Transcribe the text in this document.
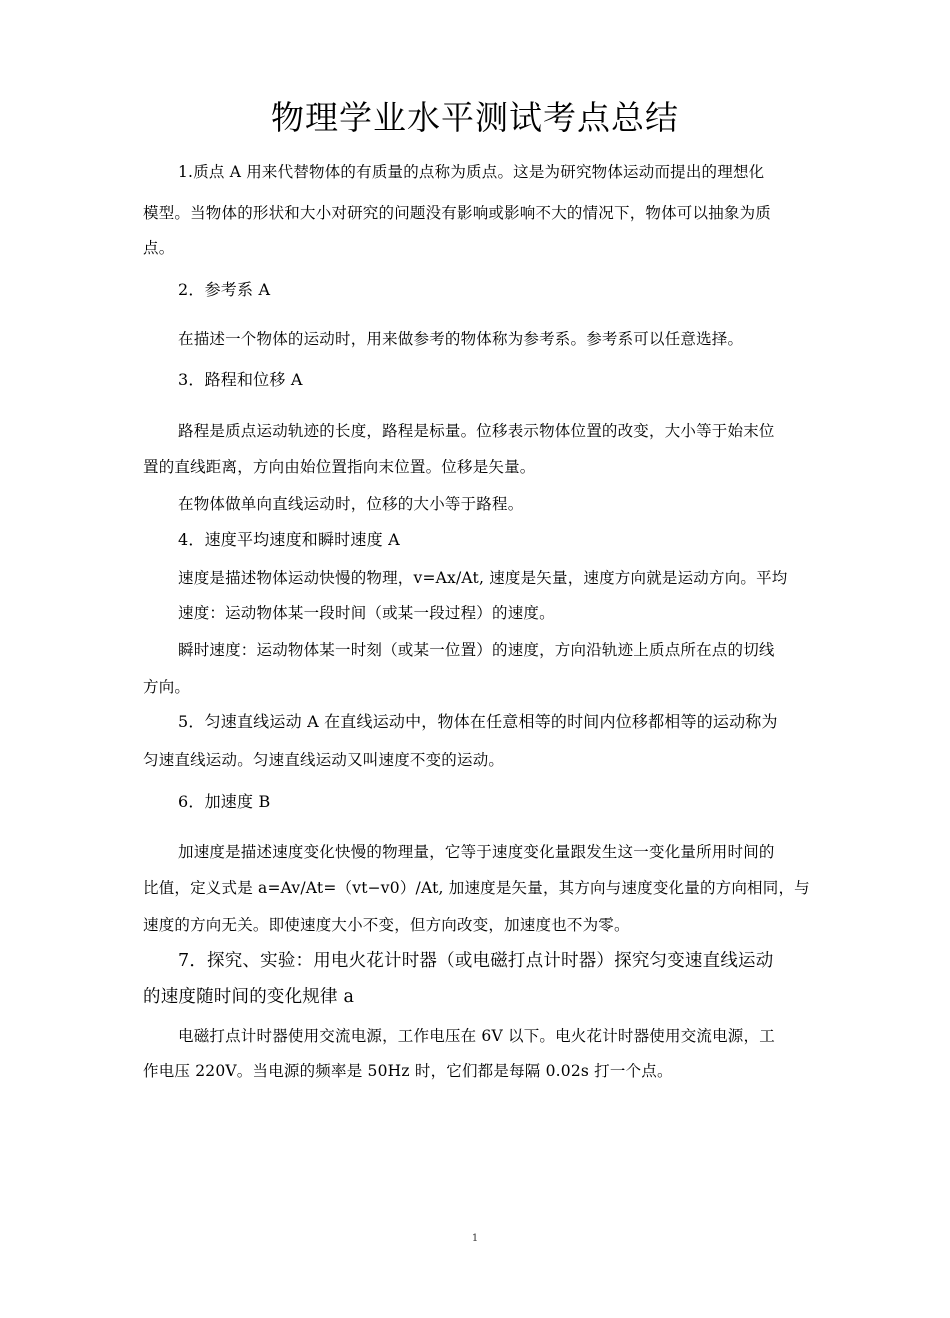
物理学业水平测试考点总结
1.质点 A 用来代替物体的有质量的点称为质点。这是为研究物体运动而提出的理想化
模型。当物体的形状和大小对研究的问题没有影响或影响不大的情况下，物体可以抽象为质
点。
2．参考系 A
在描述一个物体的运动时，用来做参考的物体称为参考系。参考系可以任意选择。
3．路程和位移 A
路程是质点运动轨迹的长度，路程是标量。位移表示物体位置的改变，大小等于始末位
置的直线距离，方向由始位置指向末位置。位移是矢量。
在物体做单向直线运动时，位移的大小等于路程。
4．速度平均速度和瞬时速度 A
速度是描述物体运动快慢的物理，v=Ax/At, 速度是矢量，速度方向就是运动方向。平均
速度：运动物体某一段时间（或某一段过程）的速度。
瞬时速度：运动物体某一时刻（或某一位置）的速度，方向沿轨迹上质点所在点的切线
方向。
5．匀速直线运动 A 在直线运动中，物体在任意相等的时间内位移都相等的运动称为
匀速直线运动。匀速直线运动又叫速度不变的运动。
6．加速度 B
加速度是描述速度变化快慢的物理量，它等于速度变化量跟发生这一变化量所用时间的
比值，定义式是 a=Av/At=（vt−v0）/At, 加速度是矢量，其方向与速度变化量的方向相同，与
速度的方向无关。即使速度大小不变，但方向改变，加速度也不为零。
7．探究、实验：用电火花计时器（或电磁打点计时器）探究匀变速直线运动
的速度随时间的变化规律 a
电磁打点计时器使用交流电源，工作电压在 6V 以下。电火花计时器使用交流电源，工
作电压 220V。当电源的频率是 50Hz 时，它们都是每隔 0.02s 打一个点。
1
